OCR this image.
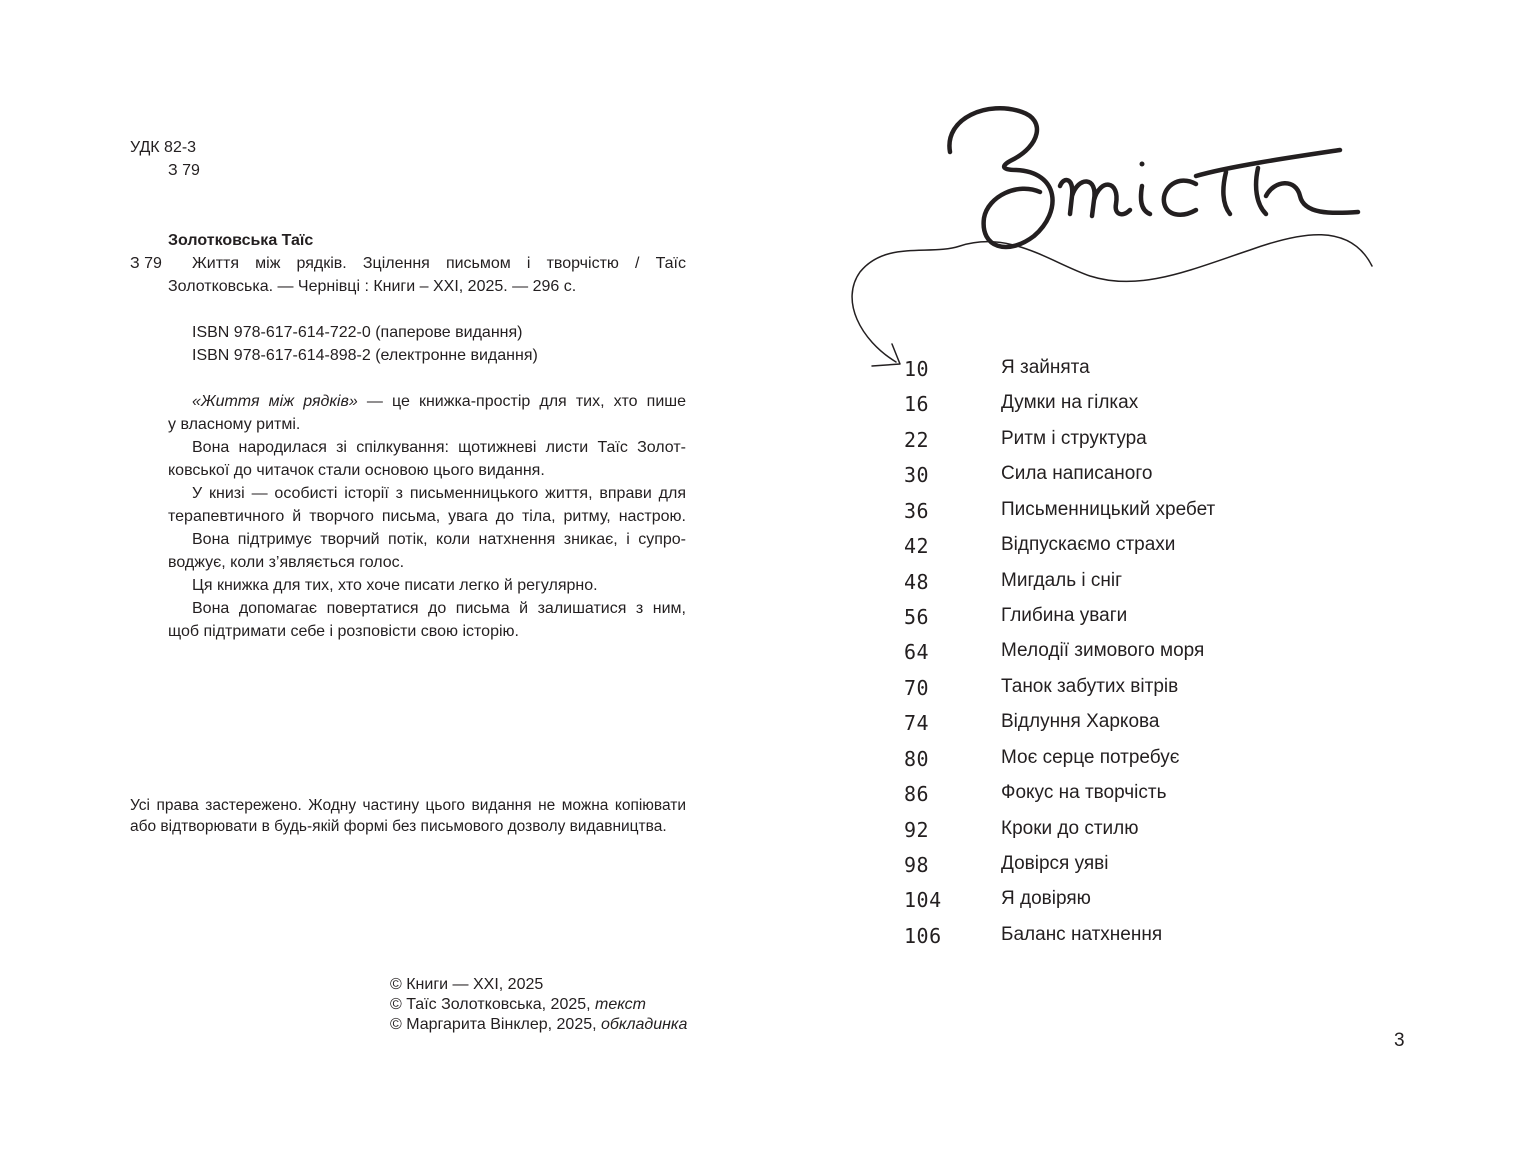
УДК 82-3
З 79
Золотковська Таїс
З 79 Життя між рядків. Зцілення письмом і творчістю / Таїс
Золотковська. — Чернівці : Книги – ХХІ, 2025. — 296 с.
ISBN 978-617-614-722-0 (паперове видання)
ISBN 978-617-614-898-2 (електронне видання)
«Життя між рядків» — це книжка-простір для тих, хто пише
у власному ритмі.
Вона народилася зі спілкування: щотижневі листи Таїс Золот-
ковської до читачок стали основою цього видання.
У книзі — особисті історії з письменницького життя, вправи для
терапевтичного й творчого письма, увага до тіла, ритму, настрою.
Вона підтримує творчий потік, коли натхнення зникає, і супро-
воджує, коли з’являється голос.
Ця книжка для тих, хто хоче писати легко й регулярно.
Вона допомагає повертатися до письма й залишатися з ним,
щоб підтримати себе і розповісти свою історію.
Усі права застережено. Жодну частину цього видання не можна копіювати
або відтворювати в будь-якій формі без письмового дозволу видавництва.
© Книги — ХХІ, 2025
© Таїс Золотковська, 2025, текст
© Маргарита Вінклер, 2025, обкладинка
10	Я зайнята
16	Думки на гілках
22	Ритм і структура
30	Сила написаного
36	Письменницький хребет
42	Відпускаємо страхи
48	Мигдаль і сніг
56	Глибина уваги
64	Мелодії зимового моря
70	Танок забутих вітрів
74	Відлуння Харкова
80	Моє серце потребує
86	Фокус на творчість
92	Кроки до стилю
98	Довірся уяві
104	Я довіряю
106	Баланс натхнення
3
